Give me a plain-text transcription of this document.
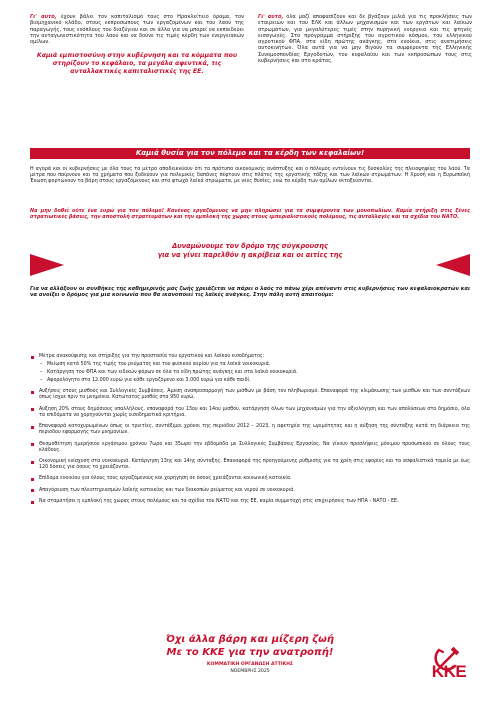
Γι' αυτό, έχουν βάλει τον καπιταλισμό τους στο Ηρακλείτειο όραμα, τον βιομηχανικό κλάδο, στους εκπροσώπους των εργαζομένων και του λαού της παραγωγής, τους ενόπλους του διαζύγιου και σε άλλα για να μπορεί να εκπαιδεύει την ανταγωνιστικότητα του λαού και να δούνε τις τιμές κέρδη των ενεργειακών ομίλων.

Καμιά εμπιστοσύνη στην κυβέρνηση και τα κόμματα που στηρίζουν το κεφάλαιο, τα μεγάλα αφεντικά, τις ανταλλακτικές καπιταλιστικές της ΕΕ.

Γι' αυτό, όλα μαζί αποφασίζουν και δε βγάζουν μιλιά για τις προκλήσεις των εταιρειών και του ΕΛΚ και άλλων μηχανισμών και των εργάτων και λαϊκών στρωμάτων, για μεγαλύτερες τιμές στην πυρηνική ενέργεια και τις φτηνές εισαγωγές. Στο πρόγραμμα στήριξης του αγροτικού κόσμου, του ελληνικού αγροτικού ΦΠΑ, στα είδη πρώτης ανάγκης, στα ενοίκια, στις ανατιμήσεις αυτοκινήτων. Όλα αυτά για να μην θιγούν τα συμφέροντα της Ελληνικής Συνομοσπονδίας Εργοδοτών, του κεφαλαίου και των εκπροσώπων τους στις κυβερνήσεις και στο κράτος.

Καμιά θυσία για τον πόλεμο και τα κέρδη των κεφαλαίων!

Η αγορά και οι κυβερνήσεις με όλα τους τα μέτρα αποδεικνύουν ότι τα πρότυπα οικονομικής ανάπτυξης και ο πόλεμος εντείνουν τις δυσκολίες της πλειοψηφίας του λαού. Τα μέτρα που παίρνουν και τα χρήματα που ξοδεύουν για πολεμικές δαπάνες πέφτουν στις πλάτες της εργατικής τάξης και των λαϊκών στρωμάτων. Η Χρυσή και η Ευρωπαϊκή Ένωση φορτώνουν τα βάρη στους εργαζόμενους και στα φτωχά λαϊκά στρώματα, με νέες θυσίες, ενώ τα κέρδη των ομίλων εκτοξεύονται.

Να μην δοθεί ούτε ένα ευρώ για τον πόλεμο! Κανένας εργαζόμενος να μην πληρώσει για τα συμφέροντα των μονοπωλίων. Καμία στήριξη στις ξένες στρατιωτικές βάσεις, την αποστολή στρατευμάτων και την εμπλοκή της χώρας στους ιμπεριαλιστικούς πολέμους, τις ανταλλαγές και τα σχέδια του ΝΑΤΟ.

Δυναμώνουμε τον δρόμο της σύγκρουσης
για να γίνει παρελθόν η ακρίβεια και οι αιτίες της

Για να αλλάξουν οι συνθήκες της καθημερινής μας ζωής χρειάζεται να πάρει ο λαός το πάνω χέρι απέναντι στις κυβερνήσεις των κεφαλαιοκρατών και να ανοίξει ο δρόμος για μια κοινωνία που θα ικανοποιεί τις λαϊκές ανάγκες. Στην πάλη αυτή απαιτούμε:

Μέτρα ανακούφισης και στήριξης για την προστασία του εργατικού και λαϊκού εισοδήματος:
– Μείωση κατά 50% της τιμής του ρεύματος και του φυσικού αερίου για τα λαϊκά νοικοκυριά.
– Κατάργηση του ΦΠΑ και των ειδικών φόρων σε όλα τα είδη πρώτης ανάγκης και στα λαϊκά νοικοκυριά.
– Αφορολόγητο στα 12.000 ευρώ για κάθε εργαζόμενο και 3.000 ευρώ για κάθε παιδί.
Αυξήσεις στους μισθούς και Συλλογικές Συμβάσεις. Άμεση αναπροσαρμογή των μισθών με βάση τον πληθωρισμό. Επαναφορά της κλιμάκωσης των μισθών και των συντάξεων όπως ίσχυε πριν τα μνημόνια. Κατώτατος μισθός στα 950 ευρώ.
Αύξηση 20% στους δημόσιους υπαλλήλους, επαναφορά του 13ου και 14ου μισθού, κατάργηση όλων των μηχανισμών για την αξιολόγηση και των απολύσεων στο δημόσιο, όλα τα επιδόματα να χορηγούνται χωρίς εισοδηματικά κριτήρια.
Επαναφορά κατοχυρωμένων όπως οι τριετίες, συντάξιμοι χρόνοι της περιόδου 2012 – 2023, η αφετηρία της ωριμότητας και η αύξηση της σύνταξης κατά τη διάρκεια της περιόδου εφαρμογής των μνημονίων.
Θεσμοθέτηση ημερήσιου εργάσιμου χρόνου 7ωρο και 35ωρο την εβδομάδα με Συλλογικές Συμβάσεις Εργασίας. Να γίνουν προσλήψεις μόνιμου προσωπικού σε όλους τους κλάδους.
Οικονομική ενίσχυση στα νοικοκυριά. Κατάργηση 13ης και 14ης σύνταξης. Επαναφορά της προηγούμενης ρύθμισης για τα χρέη στις εφορίες και τα ασφαλιστικά ταμεία με έως 120 δόσεις για όσους το χρειάζονται.
Επίδομα ενοικίου για όλους τους εργαζόμενους και χορήγηση σε όσους χρειάζονται κοινωνική κατοικία.
Απαγόρευση των πλειστηριασμών λαϊκής κατοικίας και των διακοπών ρεύματος και νερού σε νοικοκυριά.
Να σταματήσει η εμπλοκή της χώρας στους πολέμους και τα σχέδια του ΝΑΤΟ και της ΕΕ, καμία συμμετοχή στις επιχειρήσεις των ΗΠΑ - ΝΑΤΟ - ΕΕ.
Όχι άλλα βάρη και μίζερη ζωή
Με το ΚΚΕ για την ανατροπή!
ΚΟΜΜΑΤΙΚΗ ΟΡΓΑΝΩΣΗ ΑΤΤΙΚΗΣ
ΝΟΕΜΒΡΗΣ 2025	ΚΚΕ
